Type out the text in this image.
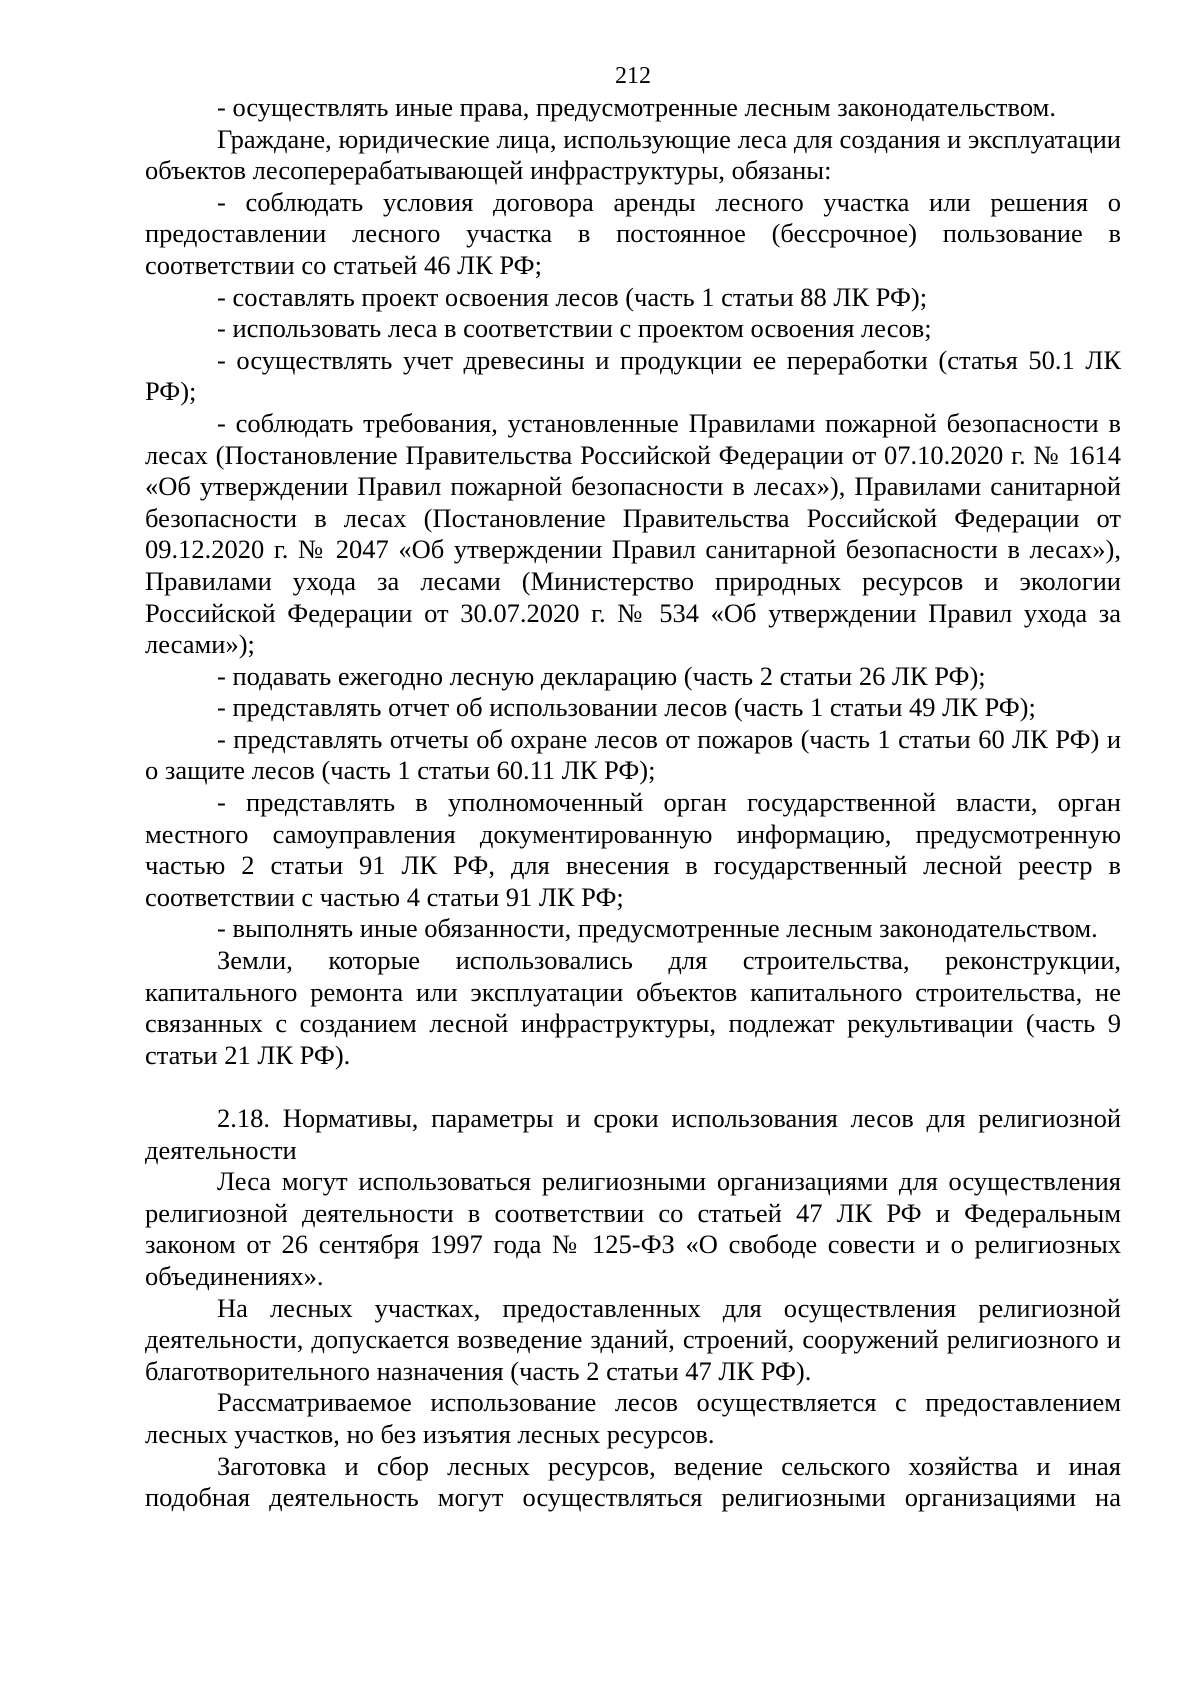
212

- осуществлять иные права, предусмотренные лесным законодательством.

Граждане, юридические лица, использующие леса для создания и эксплуатации объектов лесоперерабатывающей инфраструктуры, обязаны:

- соблюдать условия договора аренды лесного участка или решения о предоставлении лесного участка в постоянное (бессрочное) пользование в соответствии со статьей 46 ЛК РФ;

- составлять проект освоения лесов (часть 1 статьи 88 ЛК РФ);

- использовать леса в соответствии с проектом освоения лесов;

- осуществлять учет древесины и продукции ее переработки (статья 50.1 ЛК РФ);

- соблюдать требования, установленные Правилами пожарной безопасности в лесах (Постановление Правительства Российской Федерации от 07.10.2020 г. № 1614 «Об утверждении Правил пожарной безопасности в лесах»), Правилами санитарной безопасности в лесах (Постановление Правительства Российской Федерации от 09.12.2020 г. № 2047 «Об утверждении Правил санитарной безопасности в лесах»), Правилами ухода за лесами (Министерство природных ресурсов и экологии Российской Федерации от 30.07.2020 г. № 534 «Об утверждении Правил ухода за лесами»);

- подавать ежегодно лесную декларацию (часть 2 статьи 26 ЛК РФ);

- представлять отчет об использовании лесов (часть 1 статьи 49 ЛК РФ);

- представлять отчеты об охране лесов от пожаров (часть 1 статьи 60 ЛК РФ) и о защите лесов (часть 1 статьи 60.11 ЛК РФ);

- представлять в уполномоченный орган государственной власти, орган местного самоуправления документированную информацию, предусмотренную частью 2 статьи 91 ЛК РФ, для внесения в государственный лесной реестр в соответствии с частью 4 статьи 91 ЛК РФ;

- выполнять иные обязанности, предусмотренные лесным законодательством.

Земли, которые использовались для строительства, реконструкции, капитального ремонта или эксплуатации объектов капитального строительства, не связанных с созданием лесной инфраструктуры, подлежат рекультивации (часть 9 статьи 21 ЛК РФ).

2.18. Нормативы, параметры и сроки использования лесов для религиозной деятельности

Леса могут использоваться религиозными организациями для осуществления религиозной деятельности в соответствии со статьей 47 ЛК РФ и Федеральным законом от 26 сентября 1997 года № 125-ФЗ «О свободе совести и о религиозных объединениях».

На лесных участках, предоставленных для осуществления религиозной деятельности, допускается возведение зданий, строений, сооружений религиозного и благотворительного назначения (часть 2 статьи 47 ЛК РФ).

Рассматриваемое использование лесов осуществляется с предоставлением лесных участков, но без изъятия лесных ресурсов.

Заготовка и сбор лесных ресурсов, ведение сельского хозяйства и иная подобная деятельность могут осуществляться религиозными организациями на
